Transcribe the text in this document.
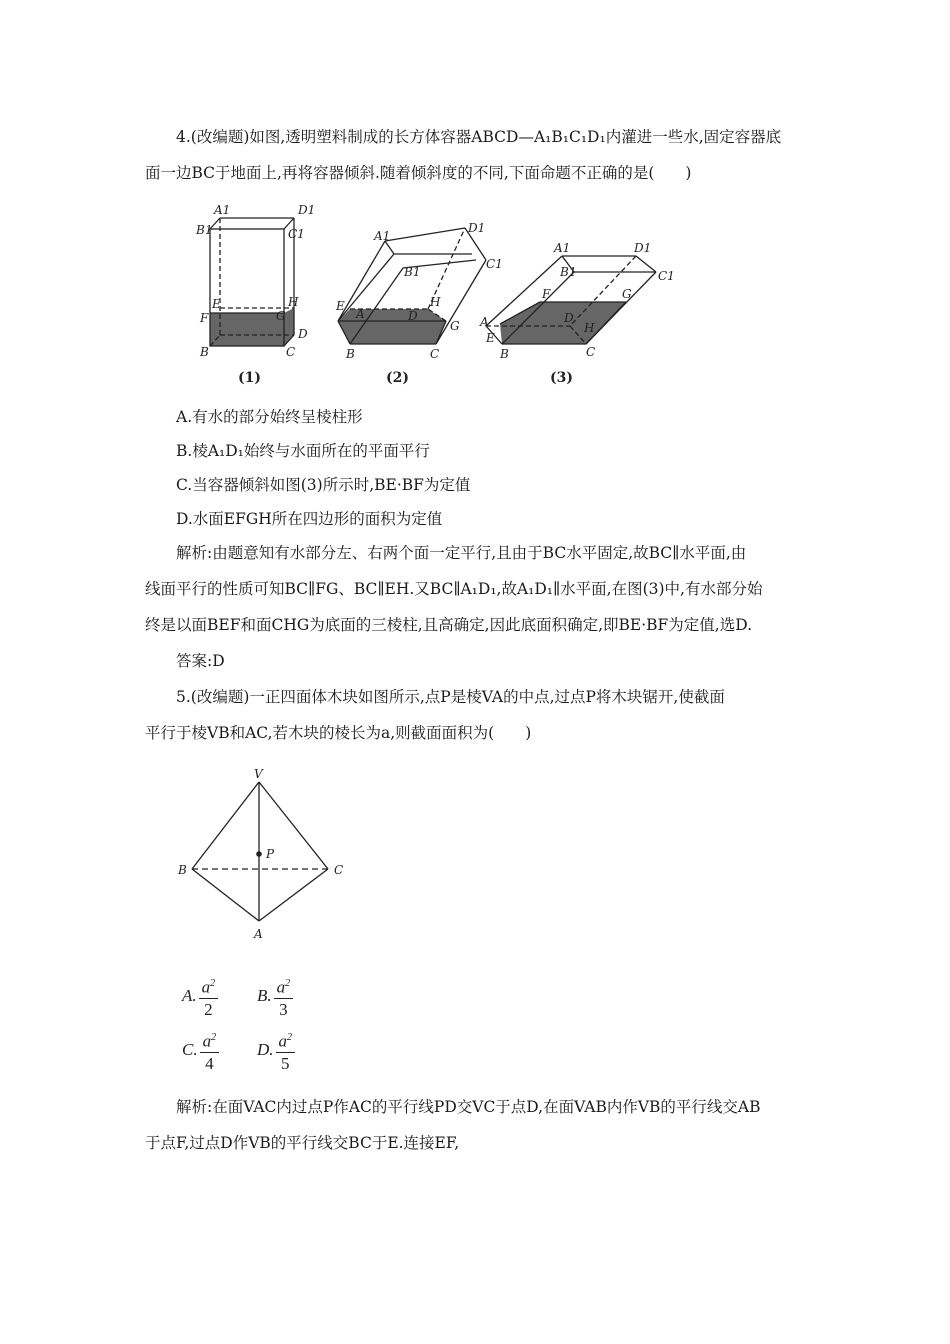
4.(改编题)如图,透明塑料制成的长方体容器ABCD—A₁B₁C₁D₁内灌进一些水,固定容器底
面一边BC于地面上,再将容器倾斜.随着倾斜度的不同,下面命题不正确的是(　　)
A1	D1
B1	C1
E	H
F	G
D
B	C
(1)
A1
D1
B1
C1
E
A	D
H
G
B	C
(2)
A1	D1
B1	C1
F	G
D
H
A
E
B	C
(3)
A.有水的部分始终呈棱柱形
B.棱A₁D₁始终与水面所在的平面平行
C.当容器倾斜如图(3)所示时,BE·BF为定值
D.水面EFGH所在四边形的面积为定值
解析:由题意知有水部分左、右两个面一定平行,且由于BC水平固定,故BC∥水平面,由
线面平行的性质可知BC∥FG、BC∥EH.又BC∥A₁D₁,故A₁D₁∥水平面,在图(3)中,有水部分始
终是以面BEF和面CHG为底面的三棱柱,且高确定,因此底面积确定,即BE·BF为定值,选D.
答案:D
5.(改编题)一正四面体木块如图所示,点P是棱VA的中点,过点P将木块锯开,使截面
平行于棱VB和AC,若木块的棱长为a,则截面面积为(　　)
V
P
B	C
A
A. $\frac{a^2}{2} B$. $\frac{a^2}{3}$
C. $\frac{a^2}{4} D$. $\frac{a^2}{5}$
解析:在面VAC内过点P作AC的平行线PD交VC于点D,在面VAB内作VB的平行线交AB
于点F,过点D作VB的平行线交BC于E.连接EF,
